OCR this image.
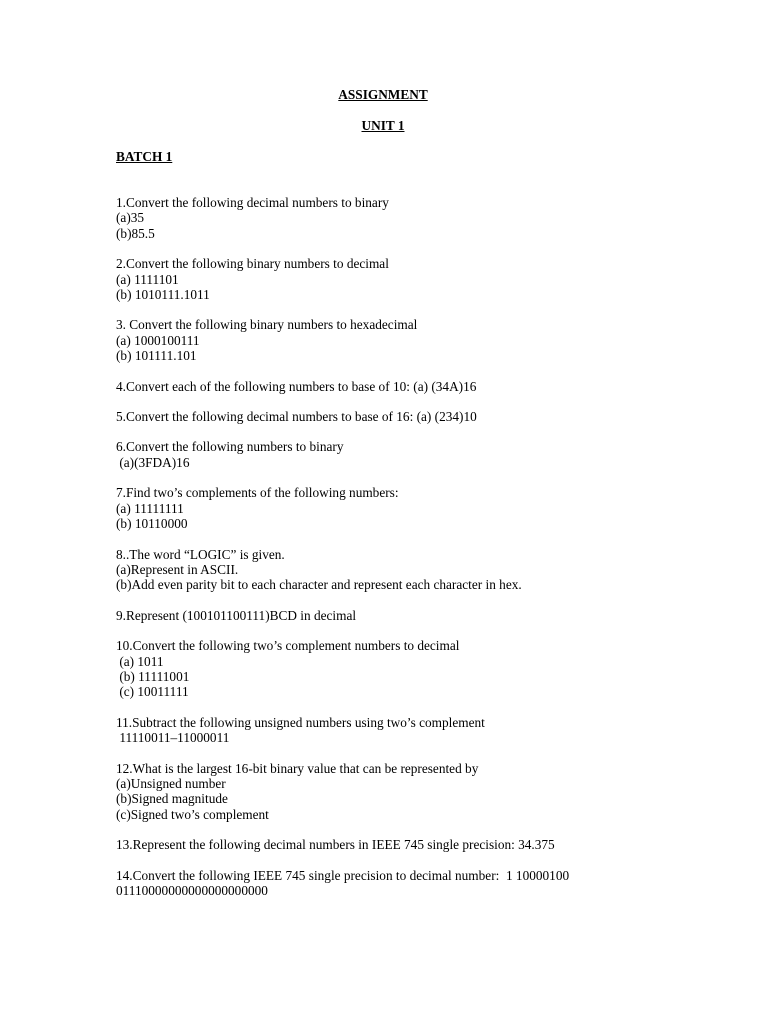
ASSIGNMENT
UNIT 1
BATCH 1
1.Convert the following decimal numbers to binary
(a)35
(b)85.5
2.Convert the following binary numbers to decimal
(a) 1111101
(b) 1010111.1011
3. Convert the following binary numbers to hexadecimal
(a) 1000100111
(b) 101111.101
4.Convert each of the following numbers to base of 10: (a) (34A)16
5.Convert the following decimal numbers to base of 16: (a) (234)10
6.Convert the following numbers to binary
(a)(3FDA)16
7.Find two’s complements of the following numbers:
(a) 11111111
(b) 10110000
8..The word “LOGIC” is given.
(a)Represent in ASCII.
(b)Add even parity bit to each character and represent each character in hex.
9.Represent (100101100111)BCD in decimal
10.Convert the following two’s complement numbers to decimal
(a) 1011
(b) 11111001
(c) 10011111
11.Subtract the following unsigned numbers using two’s complement
11110011–11000011
12.What is the largest 16-bit binary value that can be represented by
(a)Unsigned number
(b)Signed magnitude
(c)Signed two’s complement
13.Represent the following decimal numbers in IEEE 745 single precision: 34.375
14.Convert the following IEEE 745 single precision to decimal number:  1 10000100
01110000000000000000000
